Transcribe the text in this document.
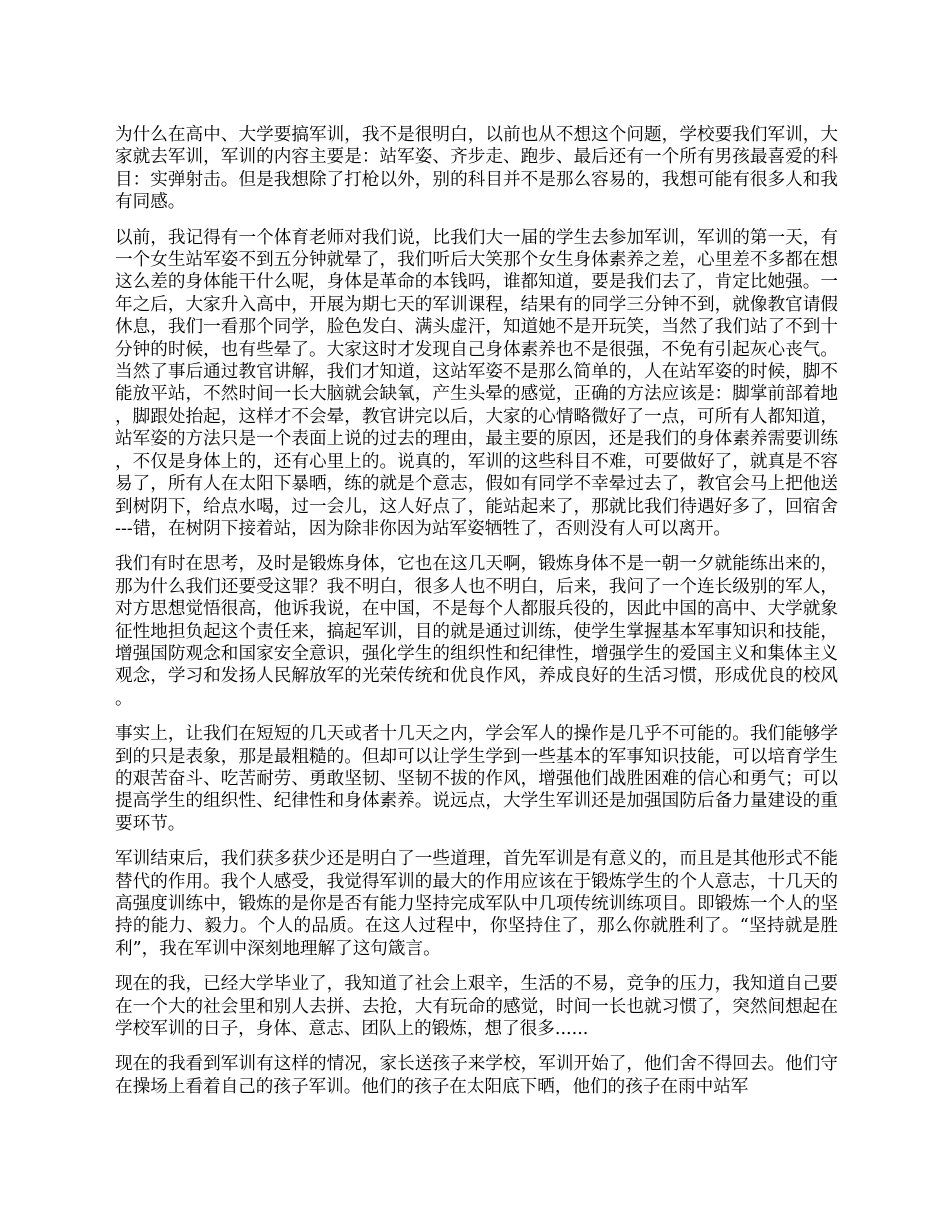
为什么在高中、大学要搞军训，我不是很明白，以前也从不想这个问题，学校要我们军训，大家就去军训，军训的内容主要是：站军姿、齐步走、跑步、最后还有一个所有男孩最喜爱的科目：实弹射击。但是我想除了打枪以外，别的科目并不是那么容易的，我想可能有很多人和我有同感。

以前，我记得有一个体育老师对我们说，比我们大一届的学生去参加军训，军训的第一天，有一个女生站军姿不到五分钟就晕了，我们听后大笑那个女生身体素养之差，心里差不多都在想这么差的身体能干什么呢，身体是革命的本钱吗，谁都知道，要是我们去了，肯定比她强。一年之后，大家升入高中，开展为期七天的军训课程，结果有的同学三分钟不到，就像教官请假休息，我们一看那个同学，脸色发白、满头虚汗，知道她不是开玩笑，当然了我们站了不到十分钟的时候，也有些晕了。大家这时才发现自己身体素养也不是很强，不免有引起灰心丧气。当然了事后通过教官讲解，我们才知道，这站军姿不是那么简单的，人在站军姿的时候，脚不能放平站，不然时间一长大脑就会缺氧，产生头晕的感觉，正确的方法应该是：脚掌前部着地，脚跟处抬起，这样才不会晕，教官讲完以后，大家的心情略微好了一点，可所有人都知道，站军姿的方法只是一个表面上说的过去的理由，最主要的原因，还是我们的身体素养需要训练，不仅是身体上的，还有心里上的。说真的，军训的这些科目不难，可要做好了，就真是不容易了，所有人在太阳下暴晒，练的就是个意志，假如有同学不幸晕过去了，教官会马上把他送到树阴下，给点水喝，过一会儿，这人好点了，能站起来了，那就比我们待遇好多了，回宿舍---错，在树阴下接着站，因为除非你因为站军姿牺牲了，否则没有人可以离开。

我们有时在思考，及时是锻炼身体，它也在这几天啊，锻炼身体不是一朝一夕就能练出来的，那为什么我们还要受这罪？我不明白，很多人也不明白，后来，我问了一个连长级别的军人，对方思想觉悟很高，他诉我说，在中国，不是每个人都服兵役的，因此中国的高中、大学就象征性地担负起这个责任来，搞起军训，目的就是通过训练，使学生掌握基本军事知识和技能，增强国防观念和国家安全意识，强化学生的组织性和纪律性，增强学生的爱国主义和集体主义观念，学习和发扬人民解放军的光荣传统和优良作风，养成良好的生活习惯，形成优良的校风。

事实上，让我们在短短的几天或者十几天之内，学会军人的操作是几乎不可能的。我们能够学到的只是表象，那是最粗糙的。但却可以让学生学到一些基本的军事知识技能，可以培育学生的艰苦奋斗、吃苦耐劳、勇敢坚韧、坚韧不拔的作风，增强他们战胜困难的信心和勇气；可以提高学生的组织性、纪律性和身体素养。说远点，大学生军训还是加强国防后备力量建设的重要环节。

军训结束后，我们获多获少还是明白了一些道理，首先军训是有意义的，而且是其他形式不能替代的作用。我个人感受，我觉得军训的最大的作用应该在于锻炼学生的个人意志，十几天的高强度训练中，锻炼的是你是否有能力坚持完成军队中几项传统训练项目。即锻炼一个人的坚持的能力、毅力。个人的品质。在这人过程中，你坚持住了，那么你就胜利了。“坚持就是胜利”，我在军训中深刻地理解了这句箴言。

现在的我，已经大学毕业了，我知道了社会上艰辛，生活的不易，竞争的压力，我知道自己要在一个大的社会里和别人去拼、去抢，大有玩命的感觉，时间一长也就习惯了，突然间想起在学校军训的日子，身体、意志、团队上的锻炼，想了很多......

现在的我看到军训有这样的情况，家长送孩子来学校，军训开始了，他们舍不得回去。他们守在操场上看着自己的孩子军训。他们的孩子在太阳底下晒，他们的孩子在雨中站军
